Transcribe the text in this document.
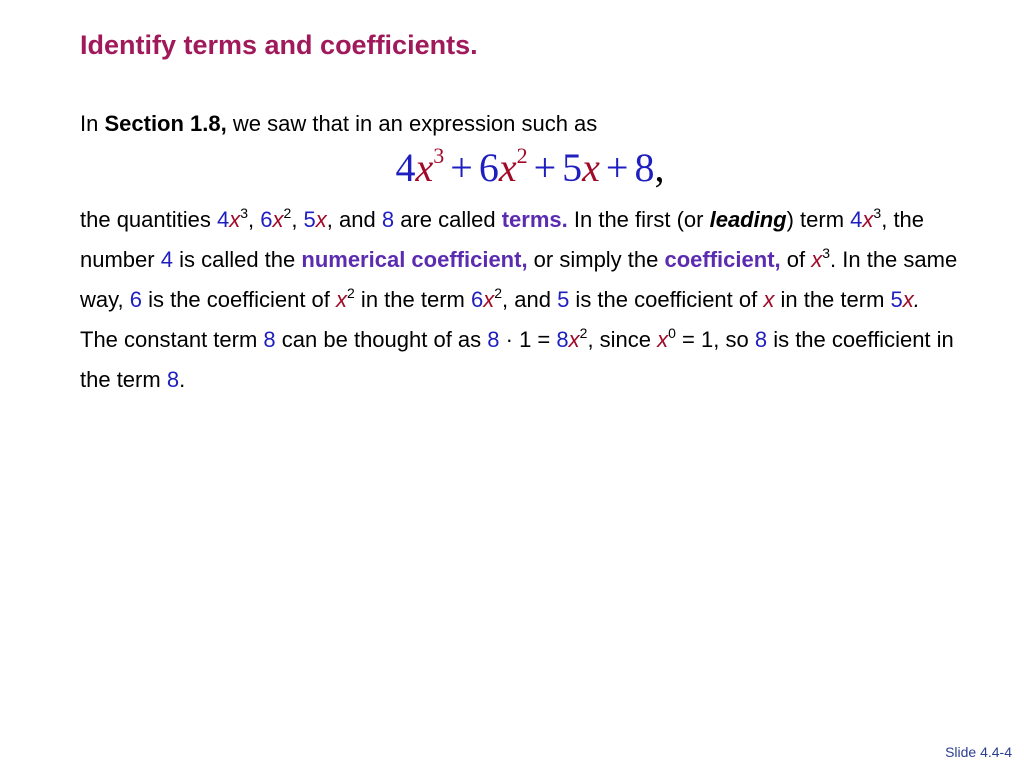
Identify terms and coefficients.

In Section 1.8, we saw that in an expression such as

$4x^3 + 6x^2 + 5x + 8$,

the quantities $4x^3$, $6x^2$, 5x, and 8 are called terms. In the first (or leading) term $4x^3$, the number 4 is called the numerical coefficient, or simply the coefficient, of $x^3$. In the same way, 6 is the coefficient of $x^2$ in the term $6x^2$, and 5 is the coefficient of x in the term 5x. The constant term 8 can be thought of as $8 \cdot 1 = 8x^2$, since $x^0 = 1$, so 8 is the coefficient in the term 8.

Slide 4.4-4
